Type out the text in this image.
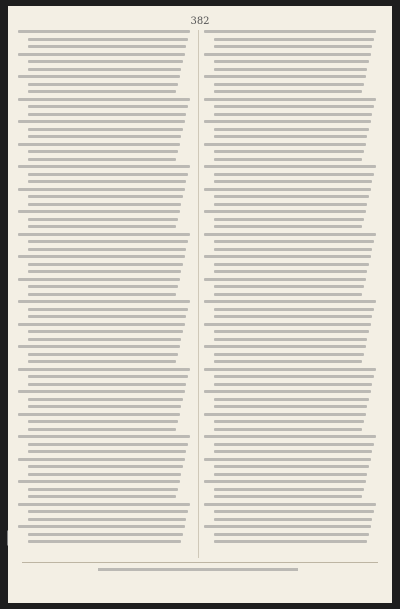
382
